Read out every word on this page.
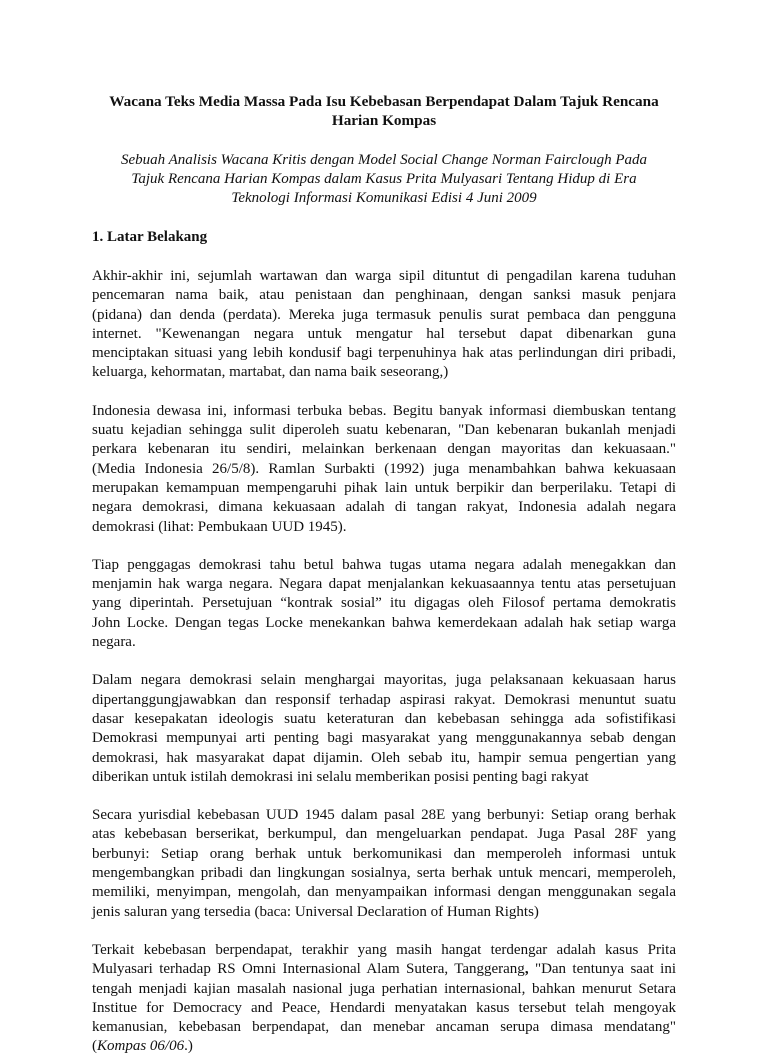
Wacana Teks Media Massa Pada Isu Kebebasan Berpendapat Dalam Tajuk Rencana Harian Kompas
Sebuah Analisis Wacana Kritis dengan Model Social Change Norman Fairclough Pada Tajuk Rencana Harian Kompas dalam Kasus Prita Mulyasari Tentang Hidup di Era Teknologi Informasi Komunikasi Edisi 4 Juni 2009
1. Latar Belakang
Akhir-akhir ini, sejumlah wartawan dan warga sipil dituntut di pengadilan karena tuduhan
pencemaran nama baik, atau penistaan dan penghinaan, dengan sanksi masuk penjara
(pidana) dan denda (perdata). Mereka juga termasuk penulis surat pembaca dan pengguna
internet. "Kewenangan negara untuk mengatur hal tersebut dapat dibenarkan guna
menciptakan situasi yang lebih kondusif bagi terpenuhinya hak atas perlindungan diri pribadi,
keluarga, kehormatan, martabat, dan nama baik seseorang,)
Indonesia dewasa ini, informasi terbuka bebas. Begitu banyak informasi diembuskan tentang
suatu kejadian sehingga sulit diperoleh suatu kebenaran, "Dan kebenaran bukanlah menjadi
perkara kebenaran itu sendiri, melainkan berkenaan dengan mayoritas dan kekuasaan."
(Media Indonesia 26/5/8). Ramlan Surbakti (1992) juga menambahkan bahwa kekuasaan
merupakan kemampuan mempengaruhi pihak lain untuk berpikir dan berperilaku. Tetapi di
negara demokrasi, dimana kekuasaan adalah di tangan rakyat, Indonesia adalah negara
demokrasi (lihat: Pembukaan UUD 1945).
Tiap penggagas demokrasi tahu betul bahwa tugas utama negara adalah menegakkan dan
menjamin hak warga negara. Negara dapat menjalankan kekuasaannya tentu atas persetujuan
yang diperintah. Persetujuan “kontrak sosial” itu digagas oleh Filosof pertama demokratis
John Locke. Dengan tegas Locke menekankan bahwa kemerdekaan adalah hak setiap warga
negara.
Dalam negara demokrasi selain menghargai mayoritas, juga pelaksanaan kekuasaan harus
dipertanggungjawabkan dan responsif terhadap aspirasi rakyat. Demokrasi menuntut suatu
dasar kesepakatan ideologis suatu keteraturan dan kebebasan sehingga ada sofistifikasi
Demokrasi mempunyai arti penting bagi masyarakat yang menggunakannya sebab dengan
demokrasi, hak masyarakat dapat dijamin. Oleh sebab itu, hampir semua pengertian yang
diberikan untuk istilah demokrasi ini selalu memberikan posisi penting bagi rakyat
Secara yurisdial kebebasan UUD 1945 dalam pasal 28E yang berbunyi: Setiap orang berhak
atas kebebasan berserikat, berkumpul, dan mengeluarkan pendapat. Juga Pasal 28F yang
berbunyi: Setiap orang berhak untuk berkomunikasi dan memperoleh informasi untuk
mengembangkan pribadi dan lingkungan sosialnya, serta berhak untuk mencari, memperoleh,
memiliki, menyimpan, mengolah, dan menyampaikan informasi dengan menggunakan segala
jenis saluran yang tersedia (baca: Universal Declaration of Human Rights)
Terkait kebebasan berpendapat, terakhir yang masih hangat terdengar adalah kasus Prita
Mulyasari terhadap RS Omni Internasional Alam Sutera, Tanggerang, "Dan tentunya saat ini
tengah menjadi kajian masalah nasional juga perhatian internasional, bahkan menurut Setara
Institue for Democracy and Peace, Hendardi menyatakan kasus tersebut telah mengoyak
kemanusian, kebebasan berpendapat, dan menebar ancaman serupa dimasa mendatang"
(Kompas 06/06.)
